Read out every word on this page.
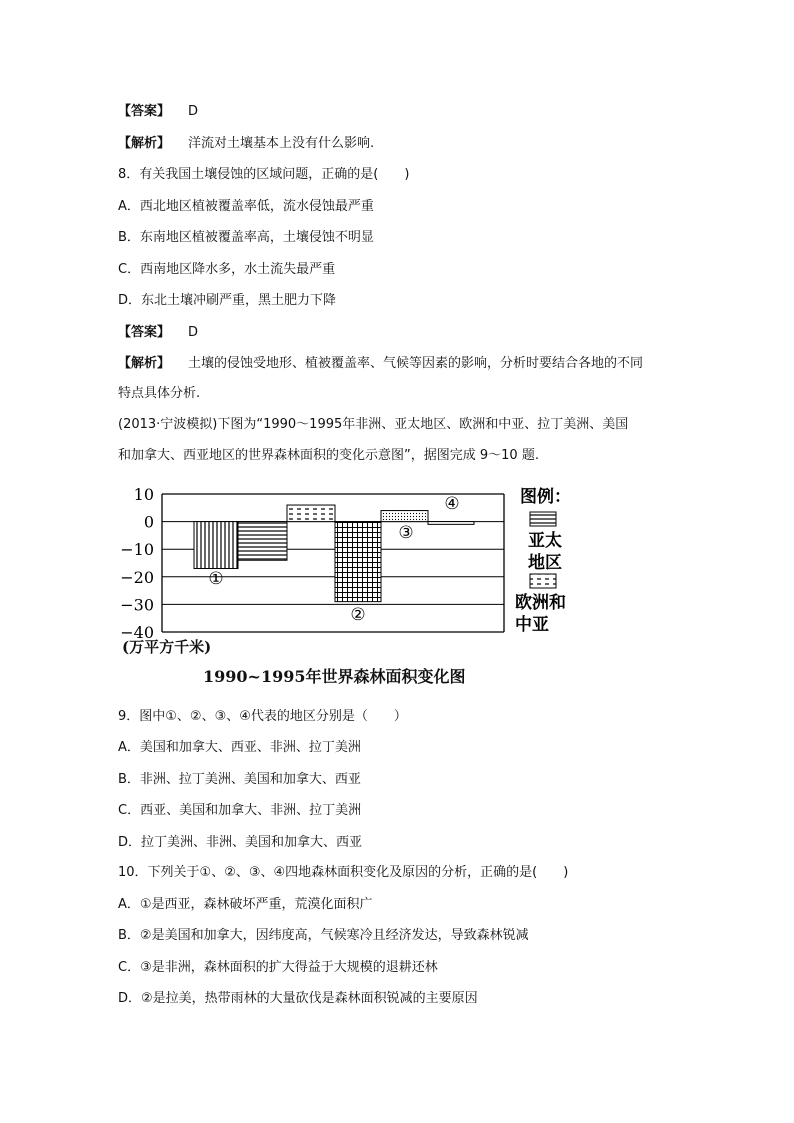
【答案】 D
【解析】 洋流对土壤基本上没有什么影响.
8．有关我国土壤侵蚀的区域问题，正确的是(　　)
A．西北地区植被覆盖率低，流水侵蚀最严重
B．东南地区植被覆盖率高，土壤侵蚀不明显
C．西南地区降水多，水土流失最严重
D．东北土壤冲刷严重，黑土肥力下降
【答案】 D
【解析】 土壤的侵蚀受地形、植被覆盖率、气候等因素的影响，分析时要结合各地的不同
特点具体分析.
(2013·宁波模拟)下图为“1990～1995年非洲、亚太地区、欧洲和中亚、拉丁美洲、美国
和加拿大、西亚地区的世界森林面积的变化示意图”，据图完成 9～10 题.
10
0
−10
−20
−30
−40
①
②
③
④	图例：
亚太
地区
欧洲和
中亚
(万平方千米)
1990~1995年世界森林面积变化图
9．图中①、②、③、④代表的地区分别是（　　）
A．美国和加拿大、西亚、非洲、拉丁美洲
B．非洲、拉丁美洲、美国和加拿大、西亚
C．西亚、美国和加拿大、非洲、拉丁美洲
D．拉丁美洲、非洲、美国和加拿大、西亚
10．下列关于①、②、③、④四地森林面积变化及原因的分析，正确的是(　　)
A．①是西亚，森林破坏严重，荒漠化面积广
B．②是美国和加拿大，因纬度高，气候寒冷且经济发达，导致森林锐减
C．③是非洲，森林面积的扩大得益于大规模的退耕还林
D．②是拉美，热带雨林的大量砍伐是森林面积锐减的主要原因
